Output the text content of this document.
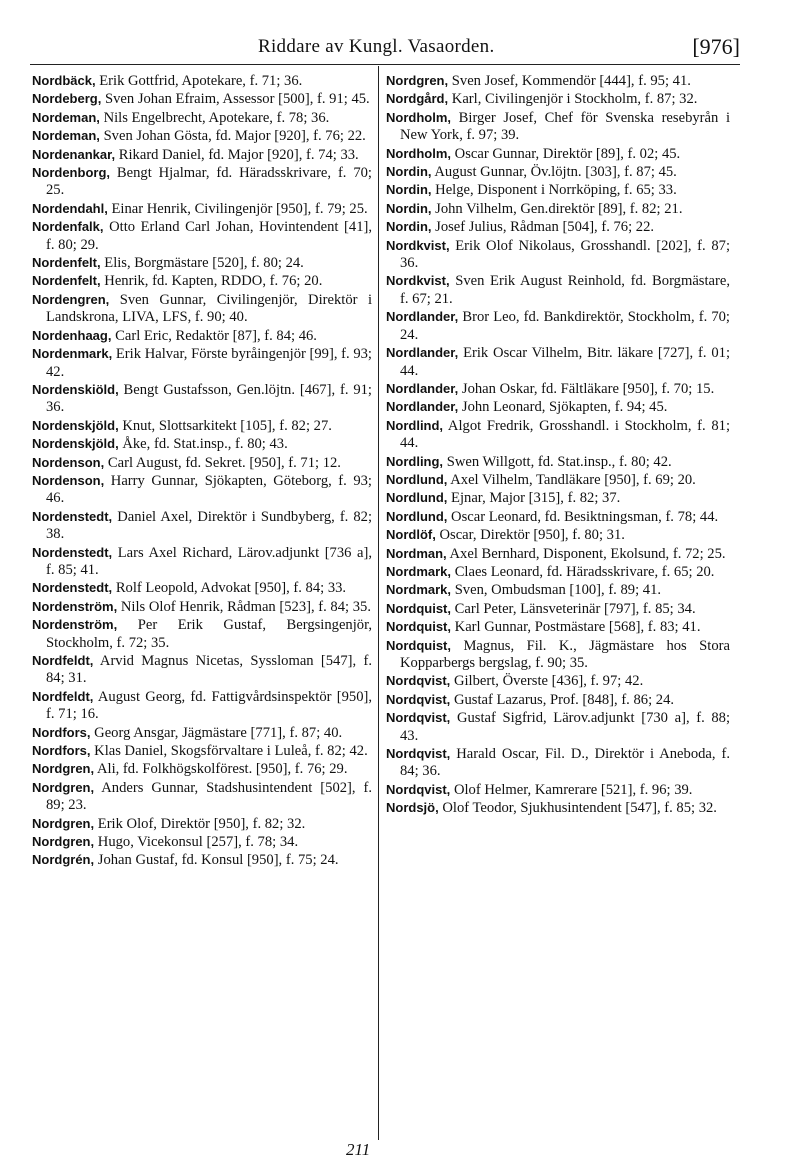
Riddare av Kungl. Vasaorden.	[976]

Nordbäck, Erik Gottfrid, Apotekare, f. 71; 36.

Nordeberg, Sven Johan Efraim, Assessor [500], f. 91; 45.

Nordeman, Nils Engelbrecht, Apotekare, f. 78; 36.

Nordeman, Sven Johan Gösta, fd. Major [920], f. 76; 22.

Nordenankar, Rikard Daniel, fd. Major [920], f. 74; 33.

Nordenborg, Bengt Hjalmar, fd. Häradsskrivare, f. 70; 25.

Nordendahl, Einar Henrik, Civilingenjör [950], f. 79; 25.

Nordenfalk, Otto Erland Carl Johan, Hovintendent [41], f. 80; 29.

Nordenfelt, Elis, Borgmästare [520], f. 80; 24.

Nordenfelt, Henrik, fd. Kapten, RDDO, f. 76; 20.

Nordengren, Sven Gunnar, Civilingenjör, Direktör i Landskrona, LIVA, LFS, f. 90; 40.

Nordenhaag, Carl Eric, Redaktör [87], f. 84; 46.

Nordenmark, Erik Halvar, Förste byråingenjör [99], f. 93; 42.

Nordenskiöld, Bengt Gustafsson, Gen.löjtn. [467], f. 91; 36.

Nordenskjöld, Knut, Slottsarkitekt [105], f. 82; 27.

Nordenskjöld, Åke, fd. Stat.insp., f. 80; 43.

Nordenson, Carl August, fd. Sekret. [950], f. 71; 12.

Nordenson, Harry Gunnar, Sjökapten, Göteborg, f. 93; 46.

Nordenstedt, Daniel Axel, Direktör i Sundbyberg, f. 82; 38.

Nordenstedt, Lars Axel Richard, Lärov.adjunkt [736 a], f. 85; 41.

Nordenstedt, Rolf Leopold, Advokat [950], f. 84; 33.

Nordenström, Nils Olof Henrik, Rådman [523], f. 84; 35.

Nordenström, Per Erik Gustaf, Bergsingenjör, Stockholm, f. 72; 35.

Nordfeldt, Arvid Magnus Nicetas, Syssloman [547], f. 84; 31.

Nordfeldt, August Georg, fd. Fattigvårdsinspektör [950], f. 71; 16.

Nordfors, Georg Ansgar, Jägmästare [771], f. 87; 40.

Nordfors, Klas Daniel, Skogsförvaltare i Luleå, f. 82; 42.

Nordgren, Ali, fd. Folkhögskolförest. [950], f. 76; 29.

Nordgren, Anders Gunnar, Stadshusintendent [502], f. 89; 23.

Nordgren, Erik Olof, Direktör [950], f. 82; 32.

Nordgren, Hugo, Vicekonsul [257], f. 78; 34.

Nordgrén, Johan Gustaf, fd. Konsul [950], f. 75; 24.

Nordgren, Sven Josef, Kommendör [444], f. 95; 41.

Nordgård, Karl, Civilingenjör i Stockholm, f. 87; 32.

Nordholm, Birger Josef, Chef för Svenska resebyrån i New York, f. 97; 39.

Nordholm, Oscar Gunnar, Direktör [89], f. 02; 45.

Nordin, August Gunnar, Öv.löjtn. [303], f. 87; 45.

Nordin, Helge, Disponent i Norrköping, f. 65; 33.

Nordin, John Vilhelm, Gen.direktör [89], f. 82; 21.

Nordin, Josef Julius, Rådman [504], f. 76; 22.

Nordkvist, Erik Olof Nikolaus, Grosshandl. [202], f. 87; 36.

Nordkvist, Sven Erik August Reinhold, fd. Borgmästare, f. 67; 21.

Nordlander, Bror Leo, fd. Bankdirektör, Stockholm, f. 70; 24.

Nordlander, Erik Oscar Vilhelm, Bitr. läkare [727], f. 01; 44.

Nordlander, Johan Oskar, fd. Fältläkare [950], f. 70; 15.

Nordlander, John Leonard, Sjökapten, f. 94; 45.

Nordlind, Algot Fredrik, Grosshandl. i Stockholm, f. 81; 44.

Nordling, Swen Willgott, fd. Stat.insp., f. 80; 42.

Nordlund, Axel Vilhelm, Tandläkare [950], f. 69; 20.

Nordlund, Ejnar, Major [315], f. 82; 37.

Nordlund, Oscar Leonard, fd. Besiktningsman, f. 78; 44.

Nordlöf, Oscar, Direktör [950], f. 80; 31.

Nordman, Axel Bernhard, Disponent, Ekolsund, f. 72; 25.

Nordmark, Claes Leonard, fd. Häradsskrivare, f. 65; 20.

Nordmark, Sven, Ombudsman [100], f. 89; 41.

Nordquist, Carl Peter, Länsveterinär [797], f. 85; 34.

Nordquist, Karl Gunnar, Postmästare [568], f. 83; 41.

Nordquist, Magnus, Fil. K., Jägmästare hos Stora Kopparbergs bergslag, f. 90; 35.

Nordqvist, Gilbert, Överste [436], f. 97; 42.

Nordqvist, Gustaf Lazarus, Prof. [848], f. 86; 24.

Nordqvist, Gustaf Sigfrid, Lärov.adjunkt [730 a], f. 88; 43.

Nordqvist, Harald Oscar, Fil. D., Direktör i Aneboda, f. 84; 36.

Nordqvist, Olof Helmer, Kamrerare [521], f. 96; 39.

Nordsjö, Olof Teodor, Sjukhusintendent [547], f. 85; 32.

211
